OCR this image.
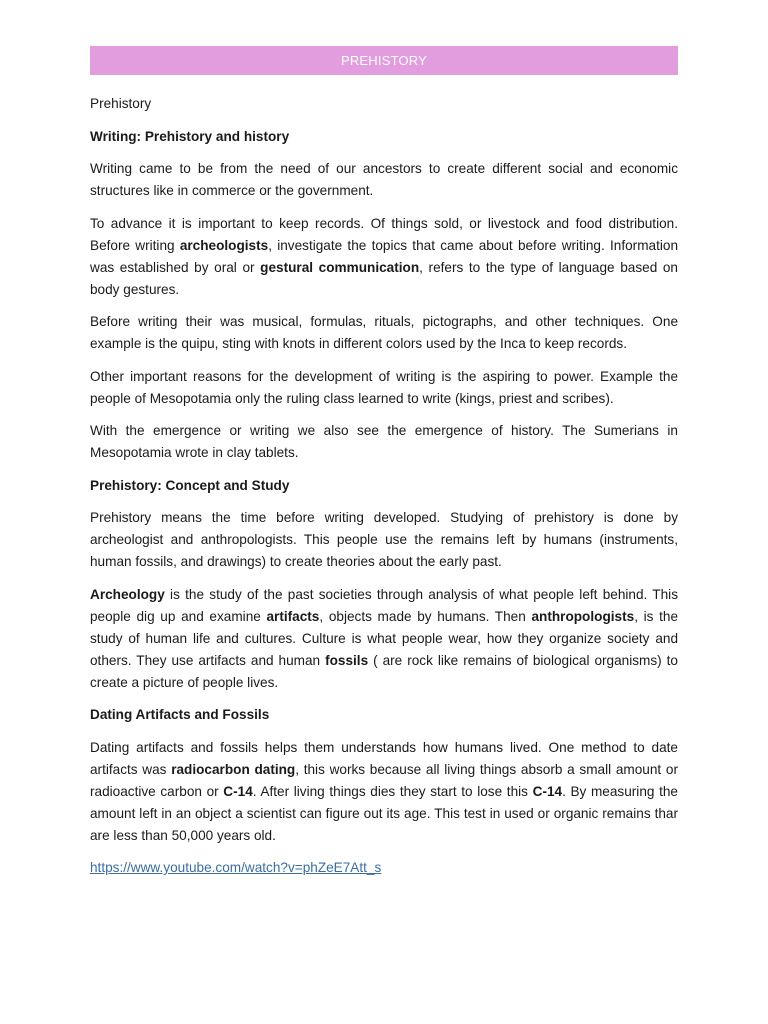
PREHISTORY

Prehistory

Writing: Prehistory and history

Writing came to be from the need of our ancestors to create different social and economic structures like in commerce or the government.

To advance it is important to keep records. Of things sold, or livestock and food distribution. Before writing archeologists, investigate the topics that came about before writing. Information was established by oral or gestural communication, refers to the type of language based on body gestures.

Before writing their was musical, formulas, rituals, pictographs, and other techniques. One example is the quipu, sting with knots in different colors used by the Inca to keep records.

Other important reasons for the development of writing is the aspiring to power. Example the people of Mesopotamia only the ruling class learned to write (kings, priest and scribes).

With the emergence or writing we also see the emergence of history. The Sumerians in Mesopotamia wrote in clay tablets.

Prehistory: Concept and Study

Prehistory means the time before writing developed. Studying of prehistory is done by archeologist and anthropologists. This people use the remains left by humans (instruments, human fossils, and drawings) to create theories about the early past.

Archeology is the study of the past societies through analysis of what people left behind. This people dig up and examine artifacts, objects made by humans. Then anthropologists, is the study of human life and cultures. Culture is what people wear, how they organize society and others. They use artifacts and human fossils ( are rock like remains of biological organisms) to create a picture of people lives.

Dating Artifacts and Fossils

Dating artifacts and fossils helps them understands how humans lived. One method to date artifacts was radiocarbon dating, this works because all living things absorb a small amount or radioactive carbon or C-14. After living things dies they start to lose this C-14. By measuring the amount left in an object a scientist can figure out its age. This test in used or organic remains thar are less than 50,000 years old.

https://www.youtube.com/watch?v=phZeE7Att_s
